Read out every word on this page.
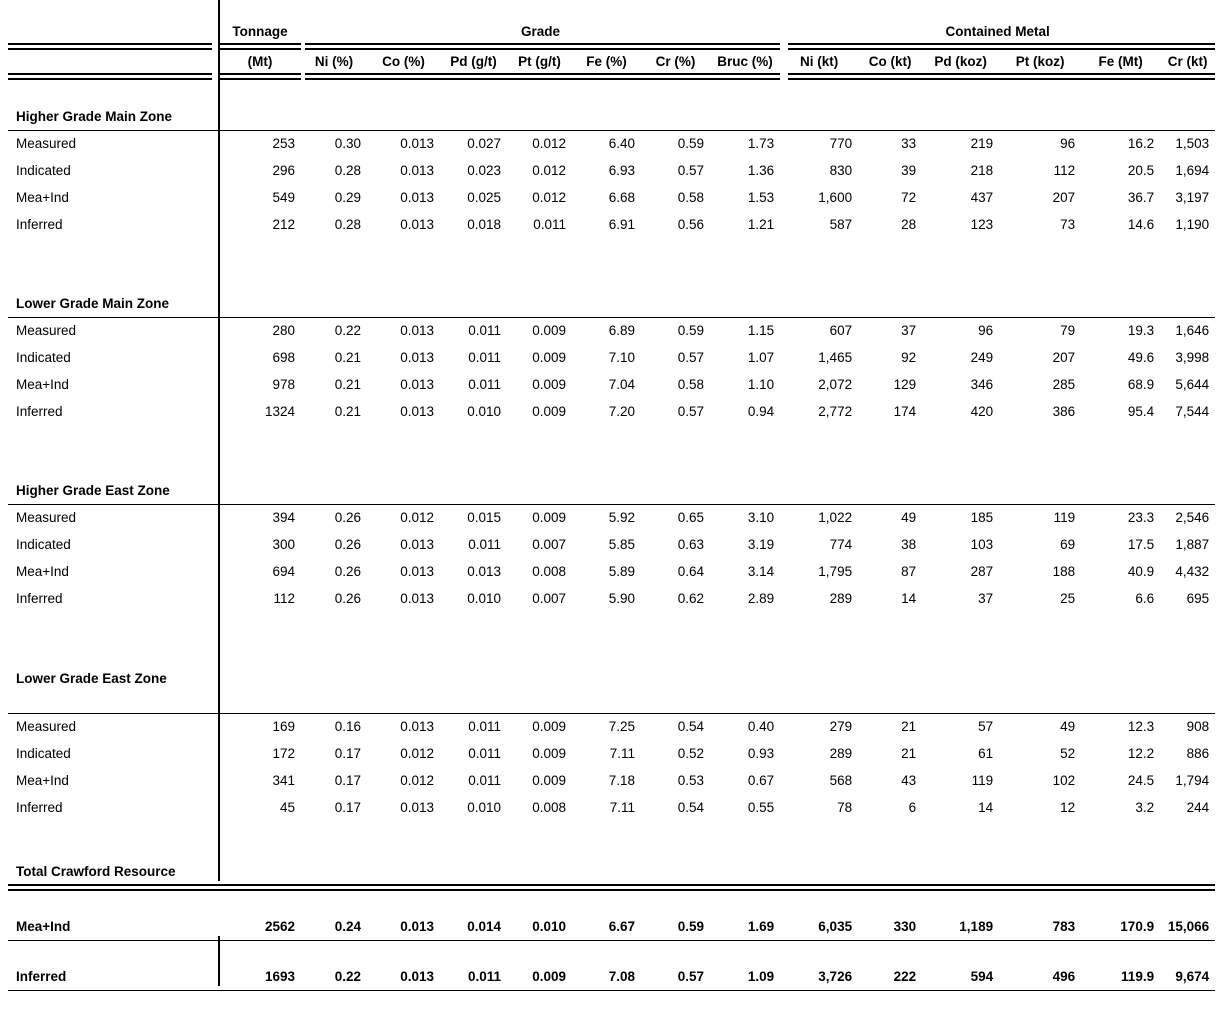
	Tonnage	Grade							Contained Metal					

	(Mt)	Ni (%)	Co (%)	Pd (g/t)	Pt (g/t)	Fe (%)	Cr (%)	Bruc (%)	Ni (kt)	Co (kt)	Pd (koz)	Pt (koz)	Fe (Mt)	Cr (kt)

Higher Grade Main Zone														
Measured	253	0.30	0.013	0.027	0.012	6.40	0.59	1.73	770	33	219	96	16.2	1,503
Indicated	296	0.28	0.013	0.023	0.012	6.93	0.57	1.36	830	39	218	112	20.5	1,694
Mea+Ind	549	0.29	0.013	0.025	0.012	6.68	0.58	1.53	1,600	72	437	207	36.7	3,197
Inferred	212	0.28	0.013	0.018	0.011	6.91	0.56	1.21	587	28	123	73	14.6	1,190

Lower Grade Main Zone														
Measured	280	0.22	0.013	0.011	0.009	6.89	0.59	1.15	607	37	96	79	19.3	1,646
Indicated	698	0.21	0.013	0.011	0.009	7.10	0.57	1.07	1,465	92	249	207	49.6	3,998
Mea+Ind	978	0.21	0.013	0.011	0.009	7.04	0.58	1.10	2,072	129	346	285	68.9	5,644
Inferred	1324	0.21	0.013	0.010	0.009	7.20	0.57	0.94	2,772	174	420	386	95.4	7,544

Higher Grade East Zone														
Measured	394	0.26	0.012	0.015	0.009	5.92	0.65	3.10	1,022	49	185	119	23.3	2,546
Indicated	300	0.26	0.013	0.011	0.007	5.85	0.63	3.19	774	38	103	69	17.5	1,887
Mea+Ind	694	0.26	0.013	0.013	0.008	5.89	0.64	3.14	1,795	87	287	188	40.9	4,432
Inferred	112	0.26	0.013	0.010	0.007	5.90	0.62	2.89	289	14	37	25	6.6	695

Lower Grade East Zone														

Measured	169	0.16	0.013	0.011	0.009	7.25	0.54	0.40	279	21	57	49	12.3	908
Indicated	172	0.17	0.012	0.011	0.009	7.11	0.52	0.93	289	21	61	52	12.2	886
Mea+Ind	341	0.17	0.012	0.011	0.009	7.18	0.53	0.67	568	43	119	102	24.5	1,794
Inferred	45	0.17	0.013	0.010	0.008	7.11	0.54	0.55	78	6	14	12	3.2	244

Total Crawford Resource														

Mea+Ind	2562	0.24	0.013	0.014	0.010	6.67	0.59	1.69	6,035	330	1,189	783	170.9	15,066

Inferred	1693	0.22	0.013	0.011	0.009	7.08	0.57	1.09	3,726	222	594	496	119.9	9,674
